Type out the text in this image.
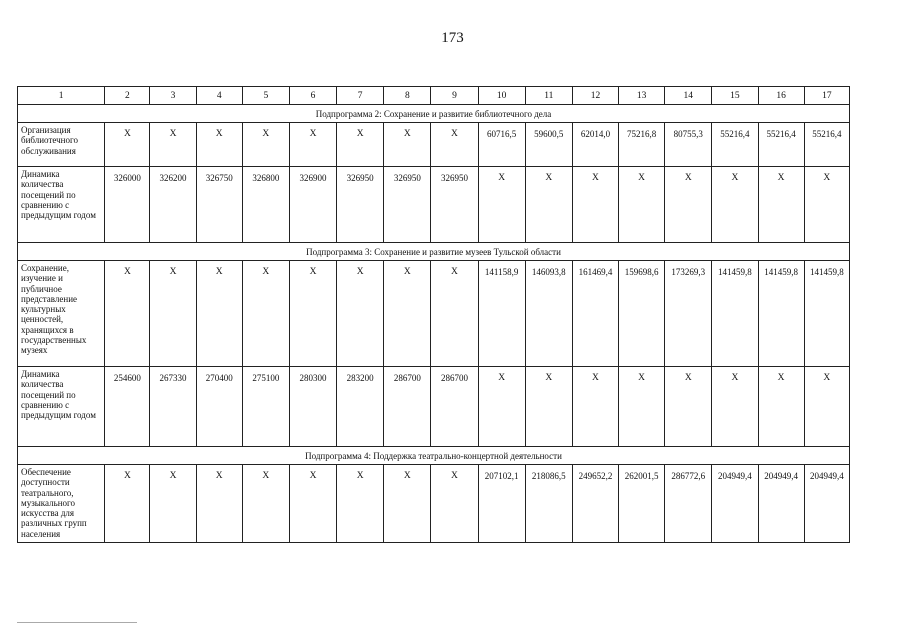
173
1	2	3	4	5	6	7	8	9	10	11	12	13	14	15	16	17
Подпрограмма 2: Сохранение и развитие библиотечного дела																
Организация библиотечного обслуживания	X	X	X	X	X	X	X	X	60716,5	59600,5	62014,0	75216,8	80755,3	55216,4	55216,4	55216,4
Динамика количества посещений по сравнению с предыдущим годом	326000	326200	326750	326800	326900	326950	326950	326950	X	X	X	X	X	X	X	X
Подпрограмма 3: Сохранение и развитие музеев Тульской области																
Сохранение, изучение и публичное представление культурных ценностей, хранящихся в государственных музеях	X	X	X	X	X	X	X	X	141158,9	146093,8	161469,4	159698,6	173269,3	141459,8	141459,8	141459,8
Динамика количества посещений по сравнению с предыдущим годом	254600	267330	270400	275100	280300	283200	286700	286700	X	X	X	X	X	X	X	X
Подпрограмма 4: Поддержка театрально-концертной деятельности																
Обеспечение доступности театрального, музыкального искусства для различных групп населения	X	X	X	X	X	X	X	X	207102,1	218086,5	249652,2	262001,5	286772,6	204949,4	204949,4	204949,4
